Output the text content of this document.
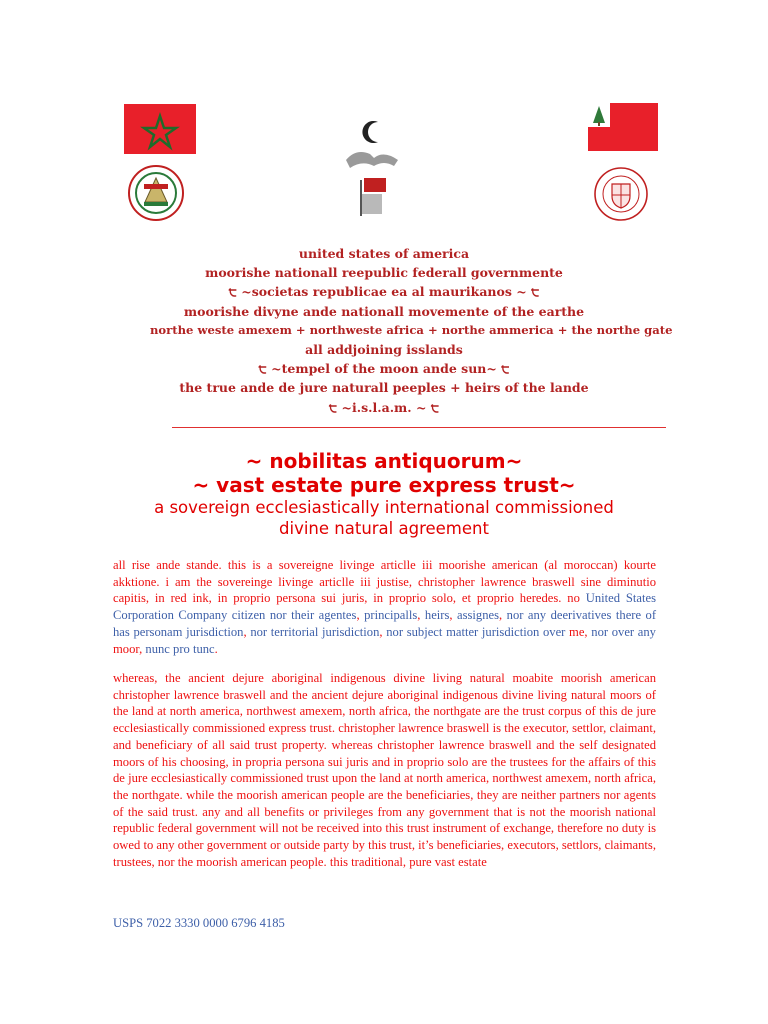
united states of america
moorishe nationall reepublic federall governmente
੮ ~societas republicae ea al maurikanos ~ ੮
moorishe divyne ande nationall movemente of the earthe
northe weste amexem + northweste africa + northe ammerica + the northe gate
all addjoining isslands
੮ ~tempel of the moon ande sun~ ੮
the true ande de jure naturall peeples + heirs of the lande
੮ ~i.s.l.a.m. ~ ੮
~ nobilitas antiquorum~
~ vast estate pure express trust~
a sovereign ecclesiastically international commissioned
divine natural agreement
all rise ande stande. this is a sovereigne livinge articlle iii moorishe american (al moroccan) kourte akktione. i am the sovereinge livinge articlle iii justise, christopher lawrence braswell sine diminutio capitis, in red ink, in proprio persona sui juris, in proprio solo, et proprio heredes. no United States Corporation Company citizen nor their agentes, principalls, heirs, assignes, nor any deerivatives there of has personam jurisdiction, nor territorial jurisdiction, nor subject matter jurisdiction over me, nor over any moor, nunc pro tunc.
whereas, the ancient dejure aboriginal indigenous divine living natural moabite moorish american christopher lawrence braswell and the ancient dejure aboriginal indigenous divine living natural moors of the land at north america, northwest amexem, north africa, the northgate are the trust corpus of this de jure ecclesiastically commissioned express trust. christopher lawrence braswell is the executor, settlor, claimant, and beneficiary of all said trust property. whereas christopher lawrence braswell and the self designated moors of his choosing, in propria persona sui juris and in proprio solo are the trustees for the affairs of this de jure ecclesiastically commissioned trust upon the land at north america, northwest amexem, north africa, the northgate. while the moorish american people are the beneficiaries, they are neither partners nor agents of the said trust. any and all benefits or privileges from any government that is not the moorish national republic federal government will not be received into this trust instrument of exchange, therefore no duty is owed to any other government or outside party by this trust, it’s beneficiaries, executors, settlors, claimants, trustees, nor the moorish american people. this traditional, pure vast estate
USPS 7022 3330 0000 6796 4185
